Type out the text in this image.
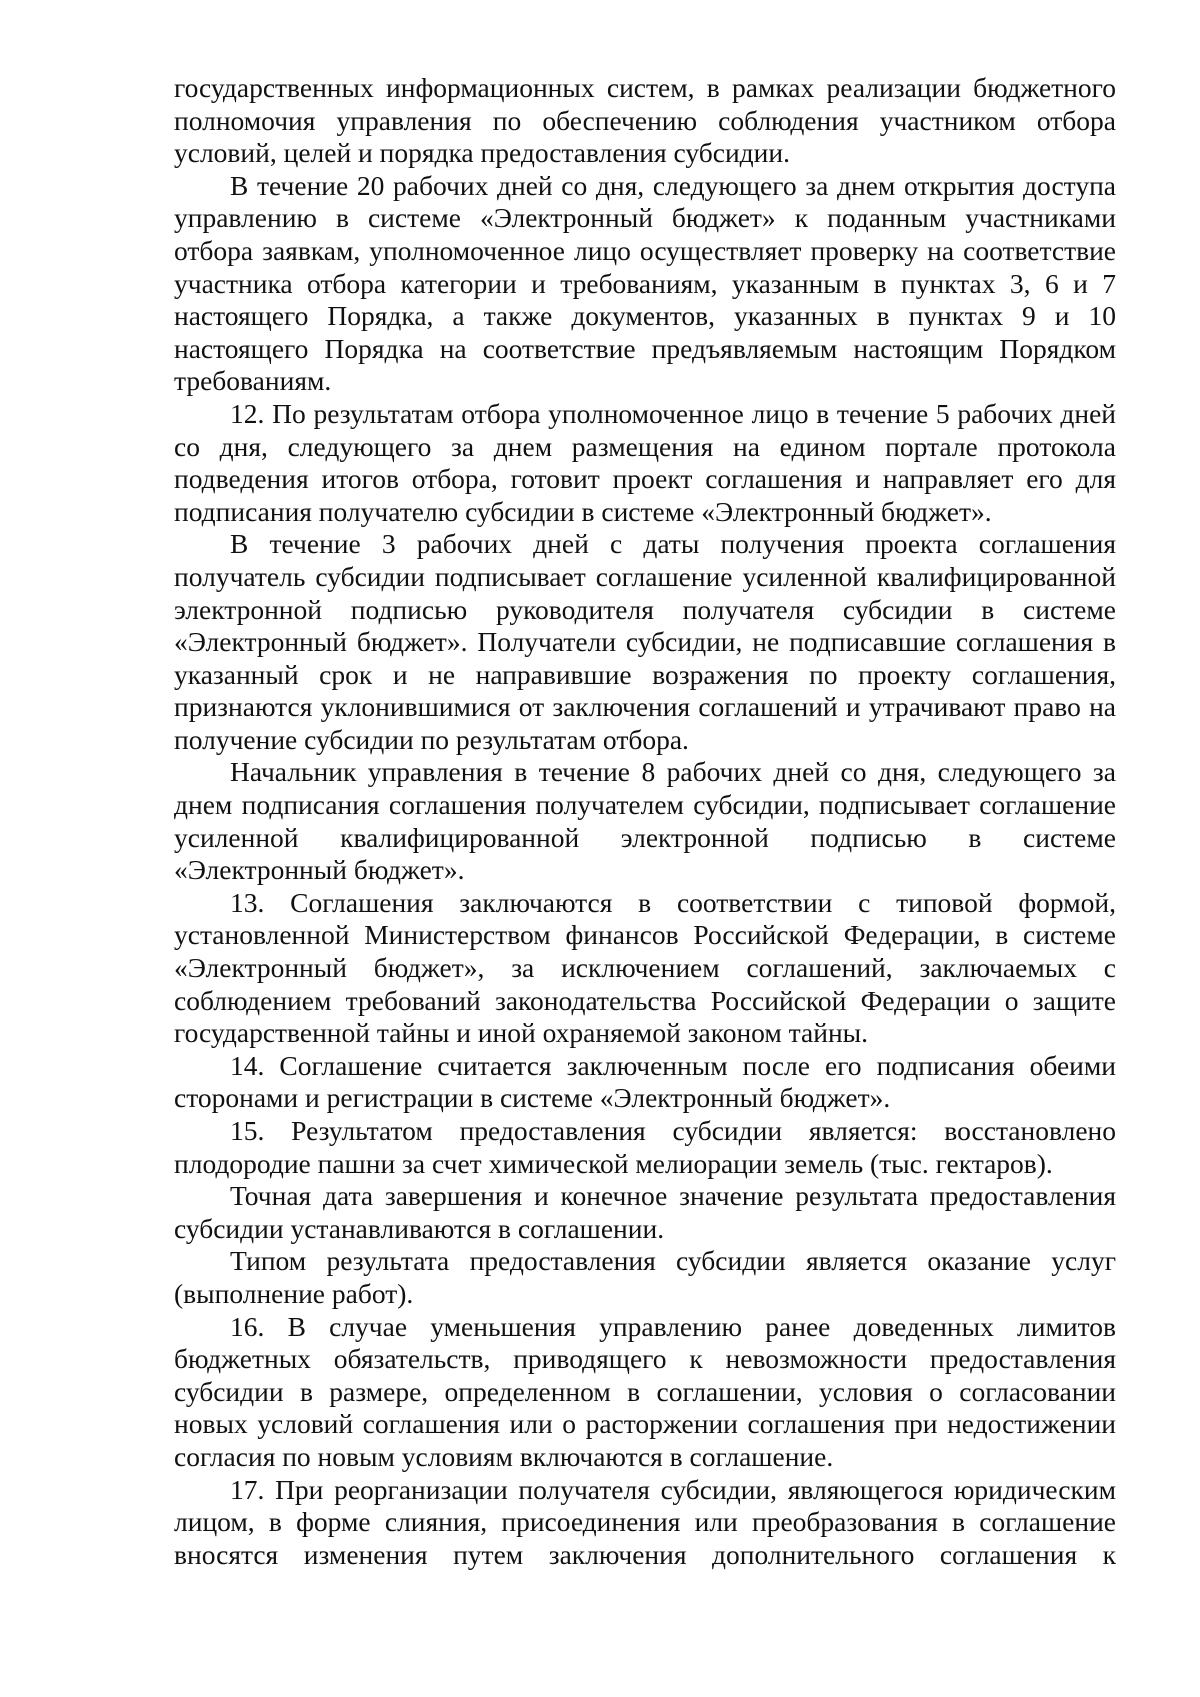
государственных информационных систем, в рамках реализации бюджетного полномочия управления по обеспечению соблюдения участником отбора условий, целей и порядка предоставления субсидии.

В течение 20 рабочих дней со дня, следующего за днем открытия доступа управлению в системе «Электронный бюджет» к поданным участниками отбора заявкам, уполномоченное лицо осуществляет проверку на соответствие участника отбора категории и требованиям, указанным в пунктах 3, 6 и 7 настоящего Порядка, а также документов, указанных в пунктах 9 и 10 настоящего Порядка на соответствие предъявляемым настоящим Порядком требованиям.

12. По результатам отбора уполномоченное лицо в течение 5 рабочих дней со дня, следующего за днем размещения на едином портале протокола подведения итогов отбора, готовит проект соглашения и направляет его для подписания получателю субсидии в системе «Электронный бюджет».

В течение 3 рабочих дней с даты получения проекта соглашения получатель субсидии подписывает соглашение усиленной квалифицированной электронной подписью руководителя получателя субсидии в системе «Электронный бюджет». Получатели субсидии, не подписавшие соглашения в указанный срок и не направившие возражения по проекту соглашения, признаются уклонившимися от заключения соглашений и утрачивают право на получение субсидии по результатам отбора.

Начальник управления в течение 8 рабочих дней со дня, следующего за днем подписания соглашения получателем субсидии, подписывает соглашение усиленной квалифицированной электронной подписью в системе «Электронный бюджет».

13. Соглашения заключаются в соответствии с типовой формой, установленной Министерством финансов Российской Федерации, в системе «Электронный бюджет», за исключением соглашений, заключаемых с соблюдением требований законодательства Российской Федерации о защите государственной тайны и иной охраняемой законом тайны.

14. Соглашение считается заключенным после его подписания обеими сторонами и регистрации в системе «Электронный бюджет».

15. Результатом предоставления субсидии является: восстановлено плодородие пашни за счет химической мелиорации земель (тыс. гектаров).

Точная дата завершения и конечное значение результата предоставления субсидии устанавливаются в соглашении.

Типом результата предоставления субсидии является оказание услуг (выполнение работ).

16. В случае уменьшения управлению ранее доведенных лимитов бюджетных обязательств, приводящего к невозможности предоставления субсидии в размере, определенном в соглашении, условия о согласовании новых условий соглашения или о расторжении соглашения при недостижении согласия по новым условиям включаются в соглашение.

17. При реорганизации получателя субсидии, являющегося юридическим лицом, в форме слияния, присоединения или преобразования в соглашение вносятся изменения путем заключения дополнительного соглашения к
